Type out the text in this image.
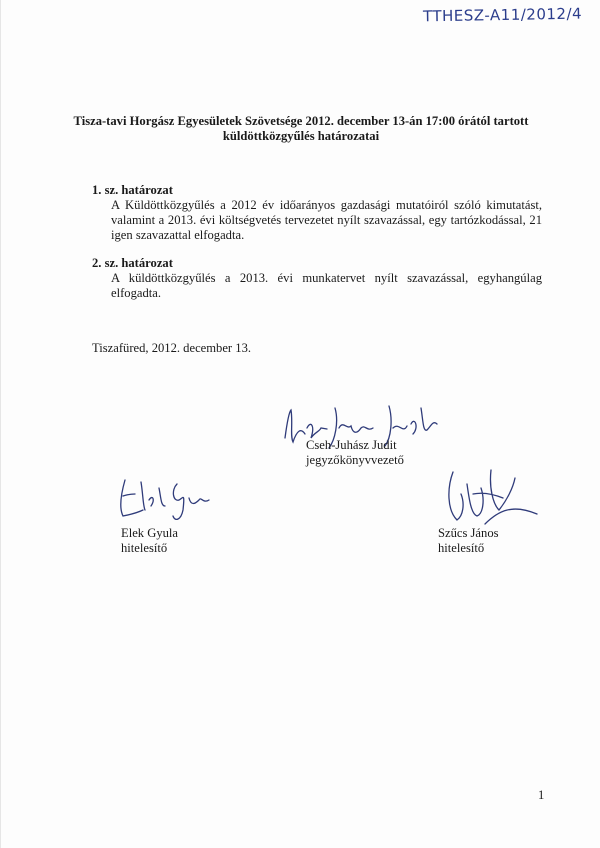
TTHESZ-A11/2012/4
Tisza-tavi Horgász Egyesületek Szövetsége 2012. december 13-án 17:00 órától tartott
küldöttközgyűlés határozatai
1. sz. határozat
A Küldöttközgyűlés a 2012 év időarányos gazdasági mutatóiról szóló kimutatást, valamint a 2013. évi költségvetés tervezetet nyílt szavazással, egy tartózkodással, 21 igen szavazattal elfogadta.
2. sz. határozat
A küldöttközgyűlés a 2013. évi munkatervet nyílt szavazással, egyhangúlag elfogadta.
Tiszafüred, 2012. december 13.
Cseh-Juhász Judit
jegyzőkönyvvezető
Elek Gyula
hitelesítő
Szűcs János
hitelesítő
1
